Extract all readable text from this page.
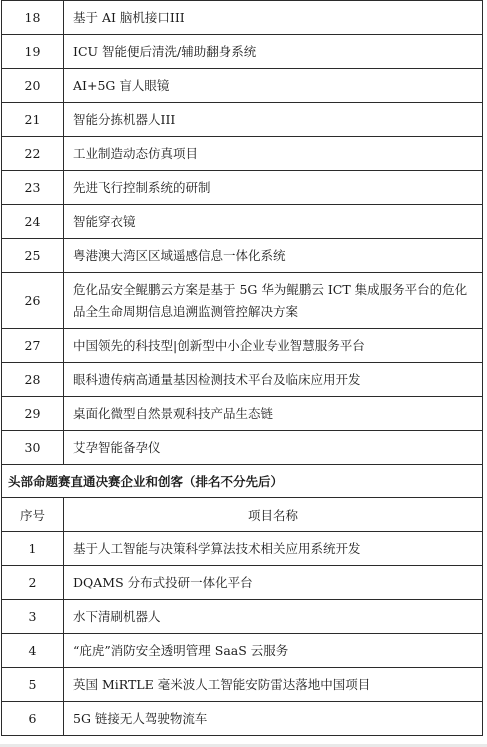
18	基于 AI 脑机接口III
19	ICU 智能便后清洗/辅助翻身系统
20	AI+5G 盲人眼镜
21	智能分拣机器人III
22	工业制造动态仿真项目
23	先进飞行控制系统的研制
24	智能穿衣镜
25	粤港澳大湾区区域遥感信息一体化系统
26	危化品安全鲲鹏云方案是基于 5G 华为鲲鹏云 ICT 集成服务平台的危化品全生命周期信息追溯监测管控解决方案
27	中国领先的科技型|创新型中小企业专业智慧服务平台
28	眼科遗传病高通量基因检测技术平台及临床应用开发
29	桌面化微型自然景观科技产品生态链
30	艾孕智能备孕仪
头部命题赛直通决赛企业和创客（排名不分先后）	
序号	项目名称
1	基于人工智能与决策科学算法技术相关应用系统开发
2	DQAMS 分布式投研一体化平台
3	水下清刷机器人
4	“庇虎”消防安全透明管理 SaaS 云服务
5	英国 MiRTLE 毫米波人工智能安防雷达落地中国项目
6	5G 链接无人驾驶物流车
